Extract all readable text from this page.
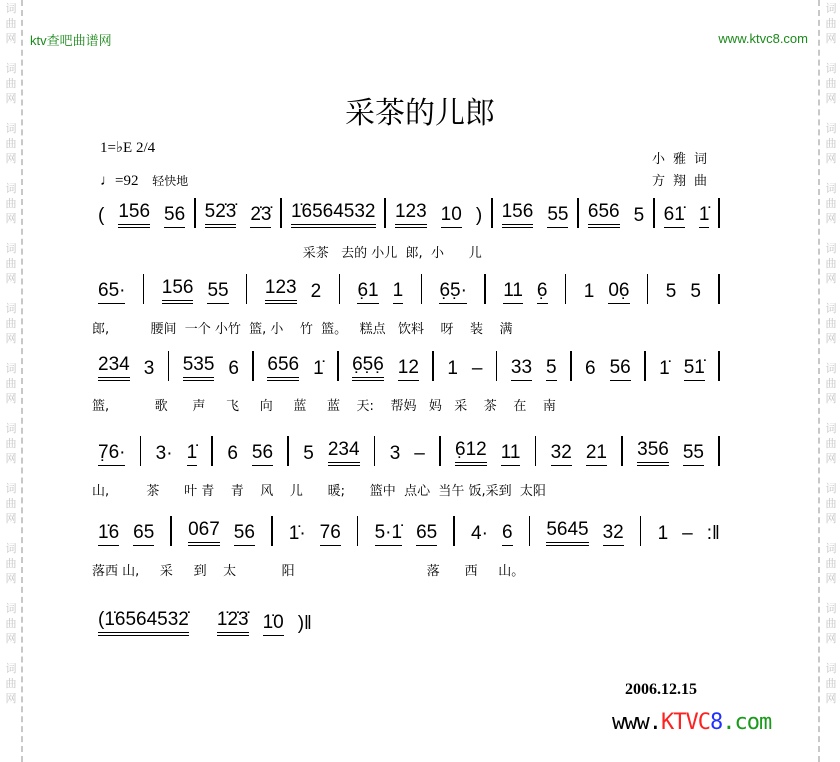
词
曲
网
词
曲
网
词
曲
网
词
曲
网
词
曲
网
词
曲
网
词
曲
网
词
曲
网
词
曲
网
词
曲
网
词
曲
网
词
曲
网
词
曲
网
词
曲
网
词
曲
网
词
曲
网
词
曲
网
词
曲
网
词
曲
网
词
曲
网
词
曲
网
词
曲
网
词
曲
网
词
曲
网
ktv查吧曲谱网	www.ktvc8.com
采茶的儿郎
1=♭E 2/4
♩=92 轻快地
小雅词
方翔曲
( 156 56 52̇3̇ 2̇3̇ 1̇6564532 123 10 ) 156 55 656 5 61̇ 1̇
采茶   去的 小儿  郎,  小      儿
65· 156 55 123 2 6̣1 1 6̣5̣· 11 6̣ 1 06̣ 5 5
郎,          腰间  一个 小竹  篮, 小    竹  篮。   糕点   饮料    呀    装    满
234 3 535 6 656 1̇ 6̣5̣6̣ 12 1 – 33 5 6 56 1̇ 51̇
篮,           歌      声     飞     向     蓝     蓝    天:    帮妈   妈   采    茶    在    南
7̣6· 3· 1̇ 6 56 5 234 3 – 6̣12 11 32 21 356 55
山,         茶      叶 青    青    风    儿      暖;      篮中  点心  当午 饭,采到  太阳
1̇6 65 067 56 1̇· 76 5·1̇ 65 4· 6 5645 32 1 – :‖
落西 山,     采     到    太           阳                                落      西     山。
(1̇6564532̇ 1̇2̇3̇ 1̇0 )‖
2006.12.15
www.KTVC8.com
